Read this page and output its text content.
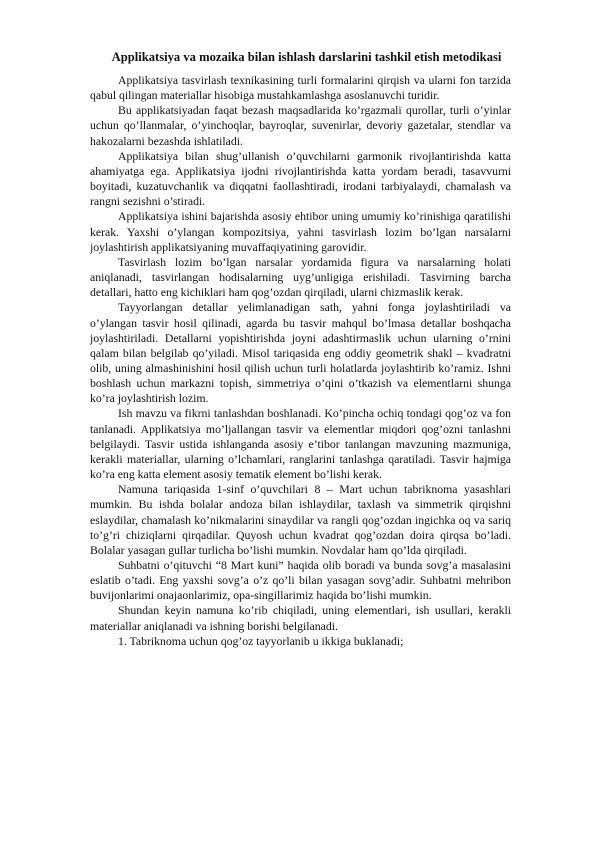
Applikatsiya va mozaika bilan ishlash darslarini tashkil etish metodikasi

Applikatsiya tasvirlash texnikasining turli formalarini qirqish va ularni fon tarzida qabul qilingan materiallar hisobiga mustahkamlashga asoslanuvchi turidir.

Bu applikatsiyadan faqat bezash maqsadlarida ko’rgazmali qurollar, turli o’yinlar uchun qo’llanmalar, o’yinchoqlar, bayroqlar, suvenirlar, devoriy gazetalar, stendlar va hakozalarni bezashda ishlatiladi.

Applikatsiya bilan shug’ullanish o’quvchilarni garmonik rivojlantirishda katta ahamiyatga ega. Applikatsiya ijodni rivojlantirishda katta yordam beradi, tasavvurni boyitadi, kuzatuvchanlik va diqqatni faollashtiradi, irodani tarbiyalaydi, chamalash va rangni sezishni o’stiradi.

Applikatsiya ishini bajarishda asosiy ehtibor uning umumiy ko’rinishiga qaratilishi kerak. Yaxshi o’ylangan kompozitsiya, yahni tasvirlash lozim bo’lgan narsalarni joylashtirish applikatsiyaning muvaffaqiyatining garovidir.

Tasvirlash lozim bo’lgan narsalar yordamida figura va narsalarning holati aniqlanadi, tasvirlangan hodisalarning uyg’unligiga erishiladi. Tasvirning barcha detallari, hatto eng kichiklari ham qog’ozdan qirqiladi, ularni chizmaslik kerak.

Tayyorlangan detallar yelimlanadigan sath, yahni fonga joylashtiriladi va o’ylangan tasvir hosil qilinadi, agarda bu tasvir mahqul bo’lmasa detallar boshqacha joylashtiriladi. Detallarni yopishtirishda joyni adashtirmaslik uchun ularning o’rnini qalam bilan belgilab qo’yiladi. Misol tariqasida eng oddiy geometrik shakl – kvadratni olib, uning almashinishini hosil qilish uchun turli holatlarda joylashtirib ko’ramiz. Ishni boshlash uchun markazni topish, simmetriya o’qini o’tkazish va elementlarni shunga ko’ra joylashtirish lozim.

Ish mavzu va fikrni tanlashdan boshlanadi. Ko’pincha ochiq tondagi qog’oz va fon tanlanadi. Applikatsiya mo’ljallangan tasvir va elementlar miqdori qog’ozni tanlashni belgilaydi. Tasvir ustida ishlanganda asosiy e’tibor tanlangan mavzuning mazmuniga, kerakli materiallar, ularning o’lchamlari, ranglarini tanlashga qaratiladi. Tasvir hajmiga ko’ra eng katta element asosiy tematik element bo’lishi kerak.

Namuna tariqasida 1-sinf o’quvchilari 8 – Mart uchun tabriknoma yasashlari mumkin. Bu ishda bolalar andoza bilan ishlaydilar, taxlash va simmetrik qirqishni eslaydilar, chamalash ko’nikmalarini sinaydilar va rangli qog’ozdan ingichka oq va sariq to’g’ri chiziqlarni qirqadilar. Quyosh uchun kvadrat qog’ozdan doira qirqsa bo’ladi. Bolalar yasagan gullar turlicha bo’lishi mumkin. Novdalar ham qo’lda qirqiladi.

Suhbatni o’qituvchi “8 Mart kuni” haqida olib boradi va bunda sovg’a masalasini eslatib o’tadi. Eng yaxshi sovg’a o’z qo’li bilan yasagan sovg’adir. Suhbatni mehribon buvijonlarimi onajaonlarimiz, opa-singillarimiz haqida bo’lishi mumkin.

Shundan keyin namuna ko’rib chiqiladi, uning elementlari, ish usullari, kerakli materiallar aniqlanadi va ishning borishi belgilanadi.

1. Tabriknoma uchun qog’oz tayyorlanib u ikkiga buklanadi;
